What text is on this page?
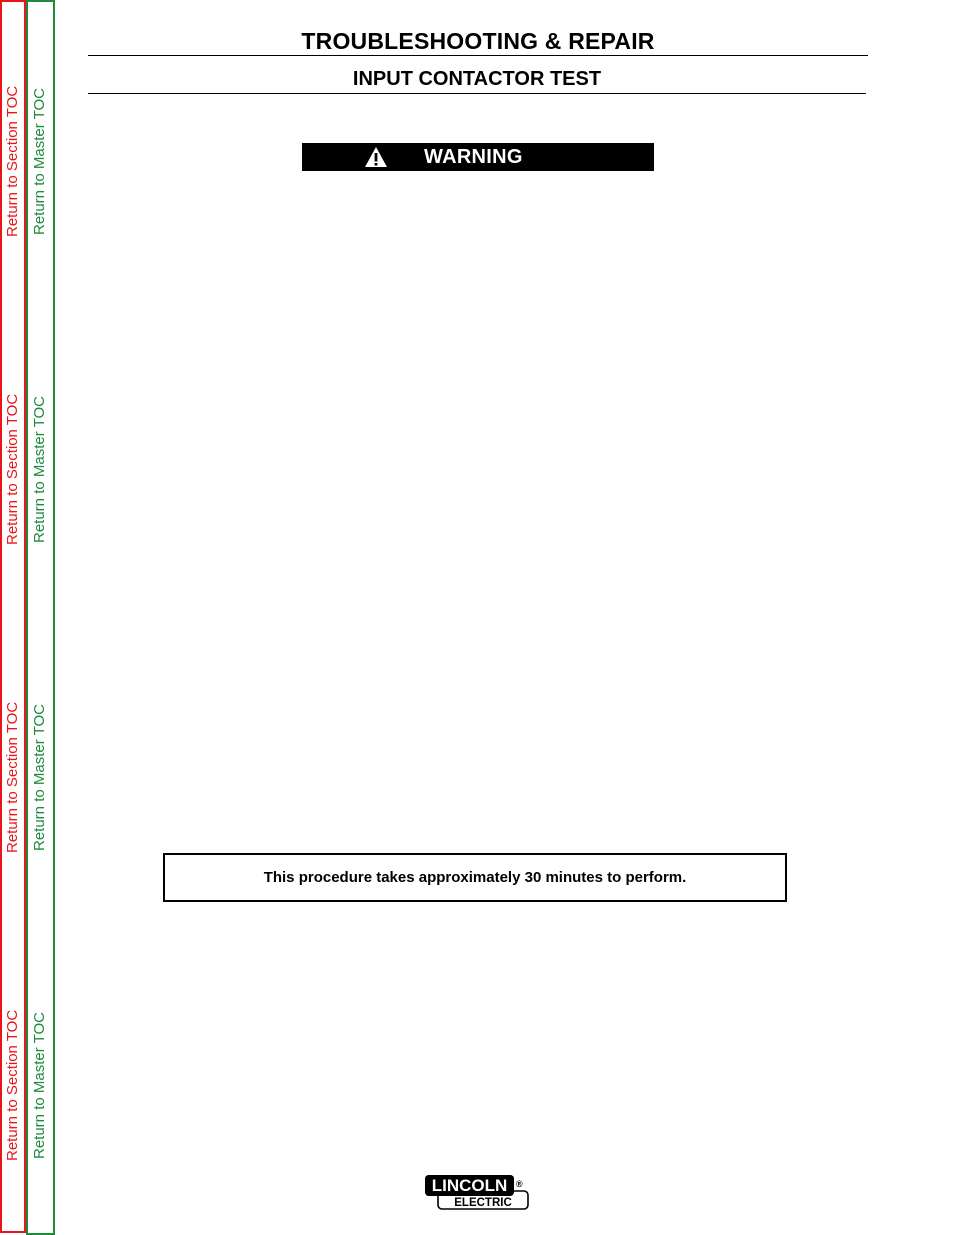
Return to Section TOC
Return to Section TOC
Return to Section TOC
Return to Section TOC
Return to Master TOC
Return to Master TOC
Return to Master TOC
Return to Master TOC
TROUBLESHOOTING & REPAIR
INPUT CONTACTOR TEST
WARNING
This procedure takes approximately 30 minutes to perform.
LINCOLN
ELECTRIC
®
